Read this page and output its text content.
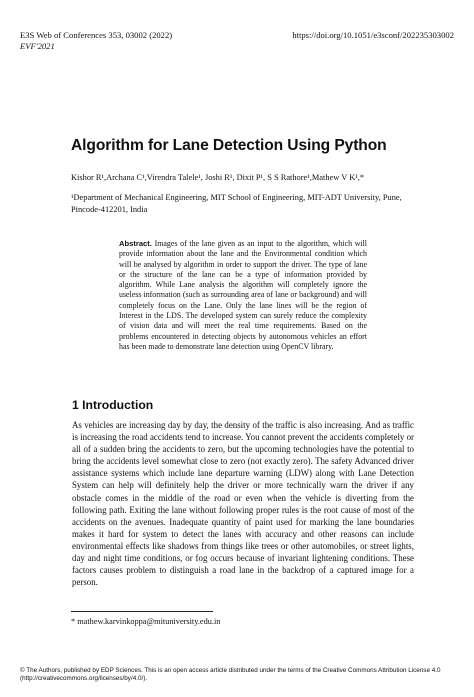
E3S Web of Conferences 353, 03002 (2022)	https://doi.org/10.1051/e3sconf/202235303002
EVF'2021
Algorithm for Lane Detection Using Python
Kishor R¹,Archana C¹,Virendra Talele¹, Joshi R¹, Dixit P¹, S S Rathore¹,Mathew V K¹,*
¹Department of Mechanical Engineering, MIT School of Engineering, MIT-ADT University, Pune, Pincode-412201, India
Abstract. Images of the lane given as an input to the algorithm, which will provide information about the lane and the Environmental condition which will be analysed by algorithm in order to support the driver. The type of lane or the structure of the lane can be a type of information provided by algorithm. While Lane analysis the algorithm will completely ignore the useless information (such as surrounding area of lane or background) and will completely focus on the Lane. Only the lane lines will be the region of Interest in the LDS. The developed system can surely reduce the complexity of vision data and will meet the real time requirements. Based on the problems encountered in detecting objects by autonomous vehicles an effort has been made to demonstrate lane detection using OpenCV library.
1 Introduction
As vehicles are increasing day by day, the density of the traffic is also increasing. And as traffic is increasing the road accidents tend to increase. You cannot prevent the accidents completely or all of a sudden bring the accidents to zero, but the upcoming technologies have the potential to bring the accidents level somewhat close to zero (not exactly zero). The safety Advanced driver assistance systems which include lane departure warning (LDW) along with Lane Detection System can help will definitely help the driver or more technically warn the driver if any obstacle comes in the middle of the road or even when the vehicle is diverting from the following path. Exiting the lane without following proper rules is the root cause of most of the accidents on the avenues. Inadequate quantity of paint used for marking the lane boundaries makes it hard for system to detect the lanes with accuracy and other reasons can include environmental effects like shadows from things like trees or other automobiles, or street lights, day and night time conditions, or fog occurs because of invariant lightening conditions. These factors causes problem to distinguish a road lane in the backdrop of a captured image for a person.
* mathew.karvinkoppa@mituniversity.edu.in
© The Authors, published by EDP Sciences. This is an open access article distributed under the terms of the Creative Commons Attribution License 4.0 (http://creativecommons.org/licenses/by/4.0/).
